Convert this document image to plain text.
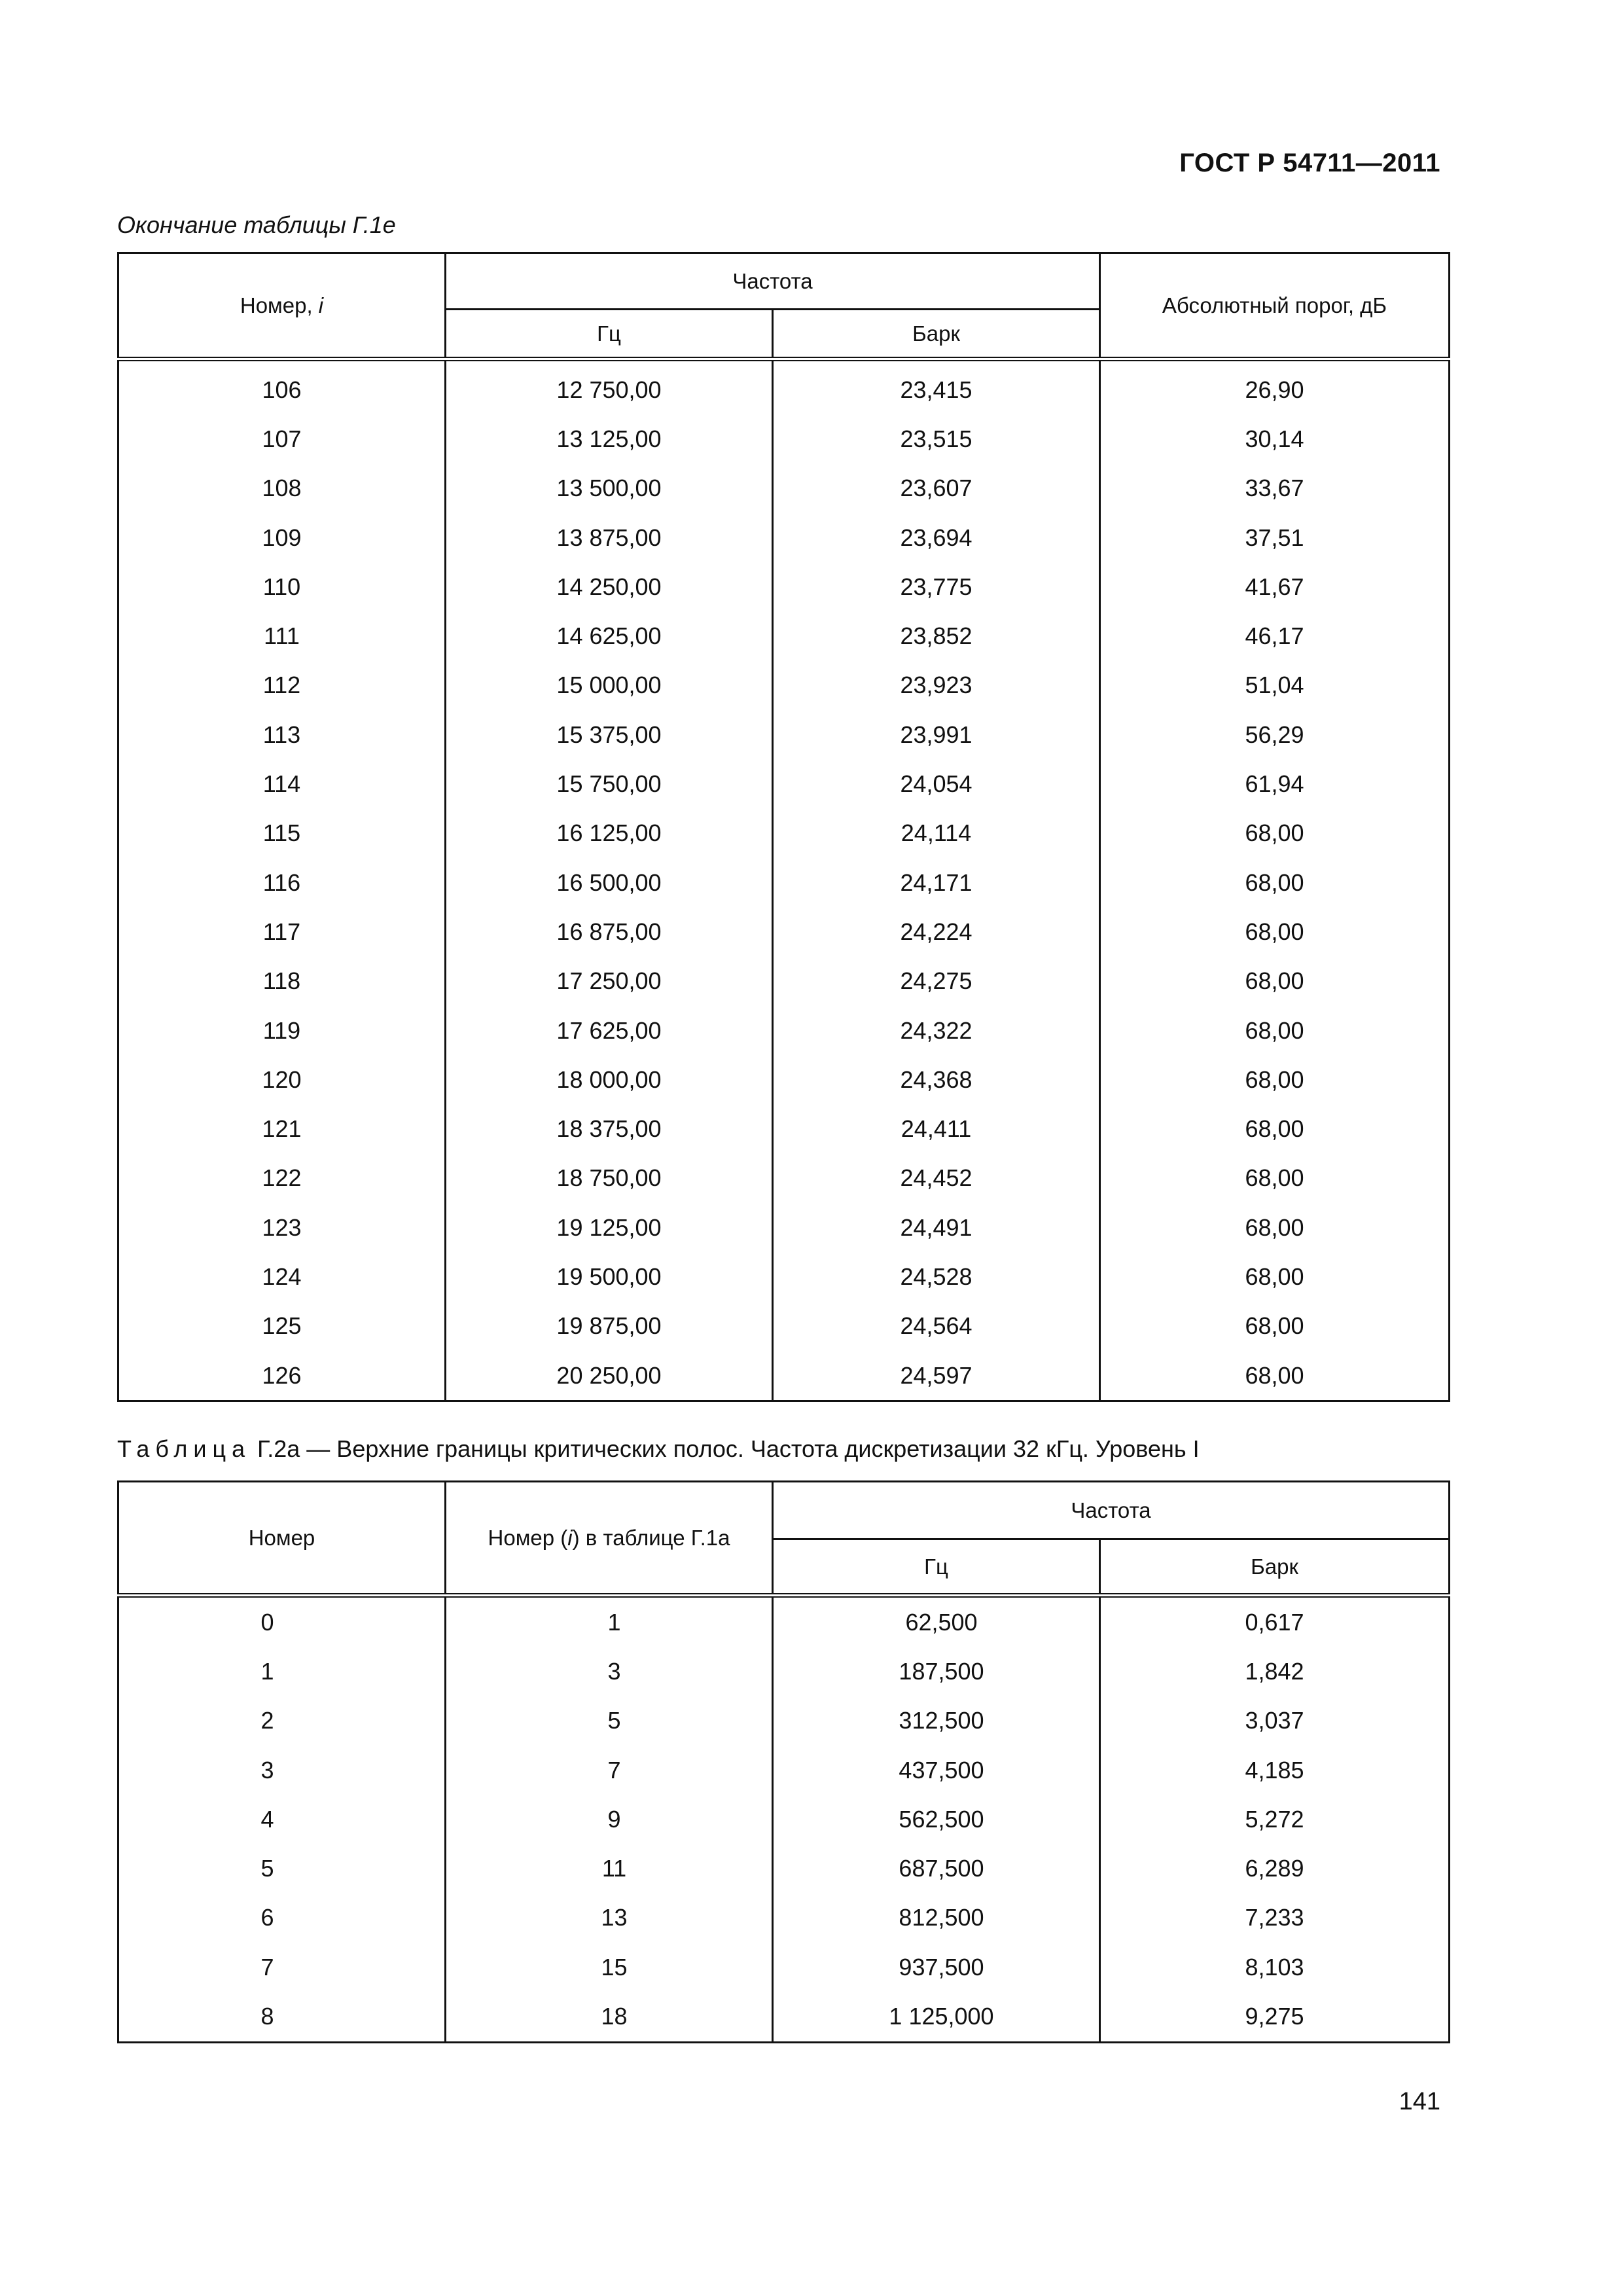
ГОСТ Р 54711—2011
Окончание таблицы Г.1е
Номер, i	Частота		Абсолютный порог, дБ
	Гц	Барк	
106	12 750,00	23,415	26,90
107	13 125,00	23,515	30,14
108	13 500,00	23,607	33,67
109	13 875,00	23,694	37,51
110	14 250,00	23,775	41,67
111	14 625,00	23,852	46,17
112	15 000,00	23,923	51,04
113	15 375,00	23,991	56,29
114	15 750,00	24,054	61,94
115	16 125,00	24,114	68,00
116	16 500,00	24,171	68,00
117	16 875,00	24,224	68,00
118	17 250,00	24,275	68,00
119	17 625,00	24,322	68,00
120	18 000,00	24,368	68,00
121	18 375,00	24,411	68,00
122	18 750,00	24,452	68,00
123	19 125,00	24,491	68,00
124	19 500,00	24,528	68,00
125	19 875,00	24,564	68,00
126	20 250,00	24,597	68,00
Таблица Г.2а — Верхние границы критических полос. Частота дискретизации 32 кГц. Уровень I
Номер	Номер (i) в таблице Г.1а	Частота	
		Гц	Барк
0	1	62,500	0,617
1	3	187,500	1,842
2	5	312,500	3,037
3	7	437,500	4,185
4	9	562,500	5,272
5	11	687,500	6,289
6	13	812,500	7,233
7	15	937,500	8,103
8	18	1 125,000	9,275
141
